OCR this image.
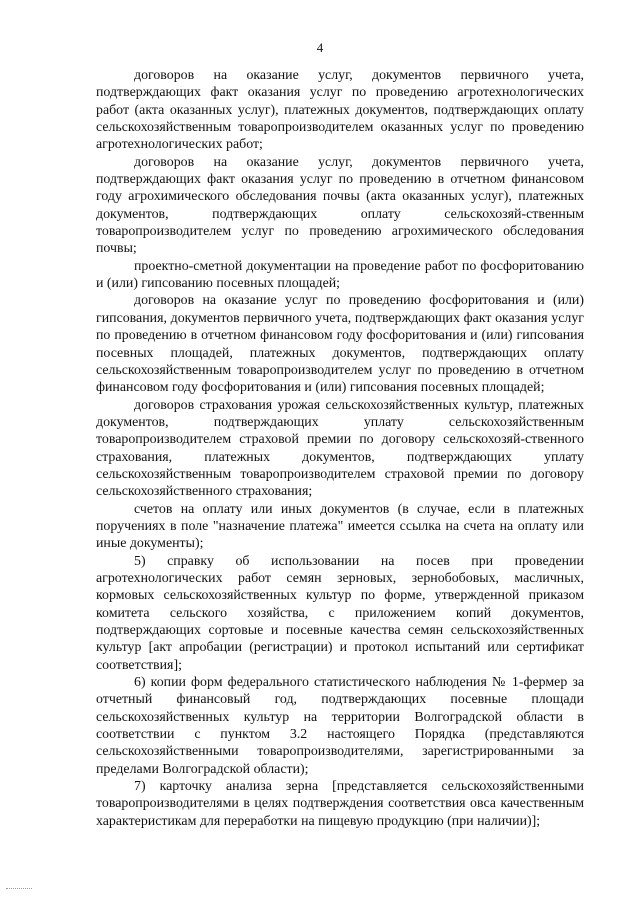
4

договоров на оказание услуг, документов первичного учета, подтверждающих факт оказания услуг по проведению агротехнологических работ (акта оказанных услуг), платежных документов, подтверждающих оплату сельскохозяйственным товаропроизводителем оказанных услуг по проведению агротехнологических работ;

договоров на оказание услуг, документов первичного учета, подтверждающих факт оказания услуг по проведению в отчетном финансовом году агрохимического обследования почвы (акта оказанных услуг), платежных документов, подтверждающих оплату сельскохозяй-ственным товаропроизводителем услуг по проведению агрохимического обследования почвы;

проектно-сметной документации на проведение работ по фосфоритованию и (или) гипсованию посевных площадей;

договоров на оказание услуг по проведению фосфоритования и (или) гипсования, документов первичного учета, подтверждающих факт оказания услуг по проведению в отчетном финансовом году фосфоритования и (или) гипсования посевных площадей, платежных документов, подтверждающих оплату сельскохозяйственным товаропроизводителем услуг по проведению в отчетном финансовом году фосфоритования и (или) гипсования посевных площадей;

договоров страхования урожая сельскохозяйственных культур, платежных документов, подтверждающих уплату сельскохозяйственным товаропроизводителем страховой премии по договору сельскохозяй-ственного страхования, платежных документов, подтверждающих уплату сельскохозяйственным товаропроизводителем страховой премии по договору сельскохозяйственного страхования;

счетов на оплату или иных документов (в случае, если в платежных поручениях в поле "назначение платежа" имеется ссылка на счета на оплату или иные документы);

5) справку об использовании на посев при проведении агротехнологических работ семян зерновых, зернобобовых, масличных, кормовых сельскохозяйственных культур по форме, утвержденной приказом комитета сельского хозяйства, с приложением копий документов, подтверждающих сортовые и посевные качества семян сельскохозяйственных культур [акт апробации (регистрации) и протокол испытаний или сертификат соответствия];

6) копии форм федерального статистического наблюдения № 1-фермер за отчетный финансовый год, подтверждающих посевные площади сельскохозяйственных культур на территории Волгоградской области в соответствии с пунктом 3.2 настоящего Порядка (представляются сельскохозяйственными товаропроизводителями, зарегистрированными за пределами Волгоградской области);

7) карточку анализа зерна [представляется сельскохозяйственными товаропроизводителями в целях подтверждения соответствия овса качественным характеристикам для переработки на пищевую продукцию (при наличии)];
